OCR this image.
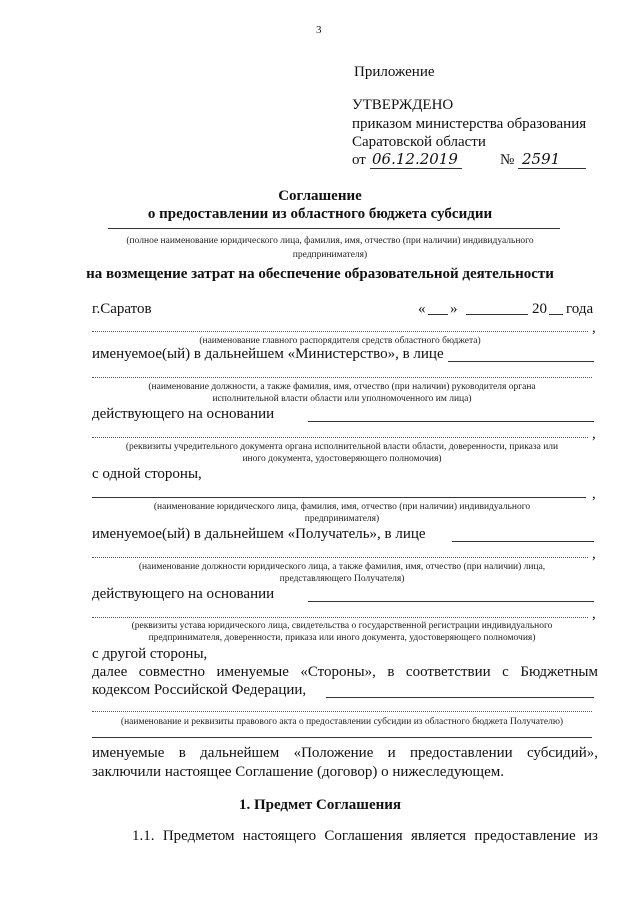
3
Приложение
УТВЕРЖДЕНО
приказом министерства образования
Саратовской области
от 06.12.2019	№ 2591
Соглашение
о предоставлении из областного бюджета субсидии
(полное наименование юридического лица, фамилия, имя, отчество (при наличии) индивидуального
предпринимателя)
на возмещение затрат на обеспечение образовательной деятельности
г.Саратов	« »	20 года
,
(наименование главного распорядителя средств областного бюджета)
именуемое(ый) в дальнейшем «Министерство», в лице
(наименование должности, а также фамилия, имя, отчество (при наличии) руководителя органа
исполнительной власти области или уполномоченного им лица)
действующего на основании
,
(реквизиты учредительного документа органа исполнительной власти области, доверенности, приказа или
иного документа, удостоверяющего полномочия)
с одной стороны,
,
(наименование юридического лица, фамилия, имя, отчество (при наличии) индивидуального
предпринимателя)
именуемое(ый) в дальнейшем «Получатель», в лице
,
(наименование должности юридического лица, а также фамилия, имя, отчество (при наличии) лица,
представляющего Получателя)
действующего на основании
,
(реквизиты устава юридического лица, свидетельства о государственной регистрации индивидуального
предпринимателя, доверенности, приказа или иного документа, удостоверяющего полномочия)
с другой стороны,
далее совместно именуемые «Стороны», в соответствии с Бюджетным
кодексом Российской Федерации,
(наименование и реквизиты правового акта о предоставлении субсидии из областного бюджета Получателю)
именуемые в дальнейшем «Положение и предоставлении субсидий»,
заключили настоящее Соглашение (договор) о нижеследующем.
1. Предмет Соглашения
1.1. Предметом настоящего Соглашения является предоставление из
